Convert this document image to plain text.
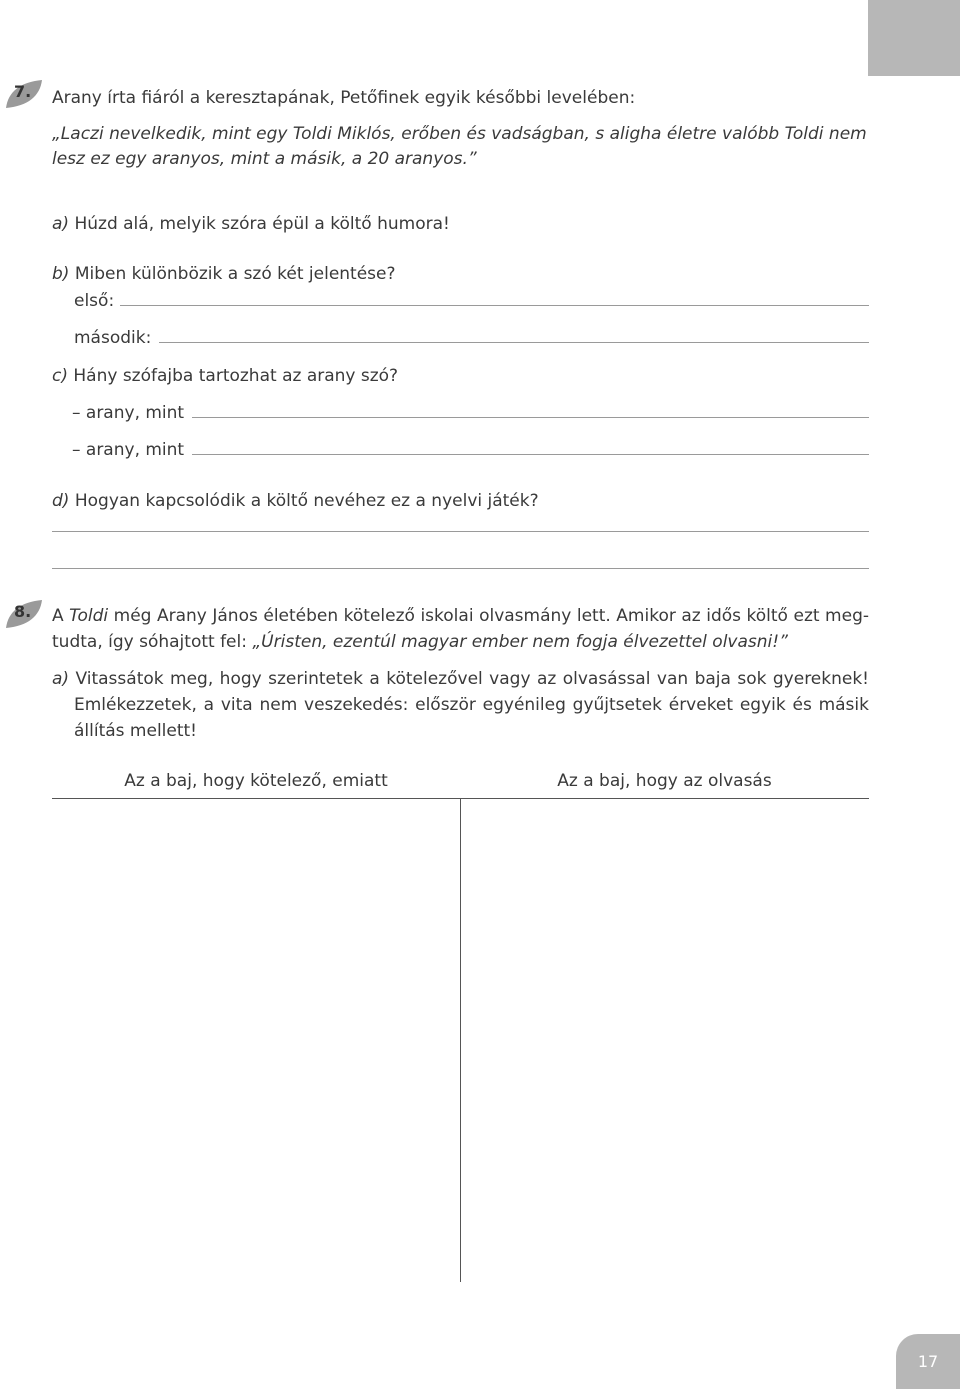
17
7. Arany írta fiáról a keresztapának, Petőfinek egyik későbbi levelében:
„Laczi nevelkedik, mint egy Toldi Miklós, erőben és vadságban, s aligha életre valóbb Toldi nem
lesz ez egy aranyos, mint a másik, a 20 aranyos.”
a) Húzd alá, melyik szóra épül a költő humora!
b) Miben különbözik a szó két jelentése?
első:
második:
c) Hány szófajba tartozhat az arany szó?
– arany, mint
– arany, mint
d) Hogyan kapcsolódik a költő nevéhez ez a nyelvi játék?
8. A Toldi még Arany János életében kötelező iskolai olvasmány lett. Amikor az idős költő ezt meg-
tudta, így sóhajtott fel: „Úristen, ezentúl magyar ember nem fogja élvezettel olvasni!”
a) Vitassátok meg, hogy szerintetek a kötelezővel vagy az olvasással van baja sok gyereknek!
Emlékezzetek, a vita nem veszekedés: először egyénileg gyűjtsetek érveket egyik és másik
állítás mellett!
Az a baj, hogy kötelező, emiatt	Az a baj, hogy az olvasás
